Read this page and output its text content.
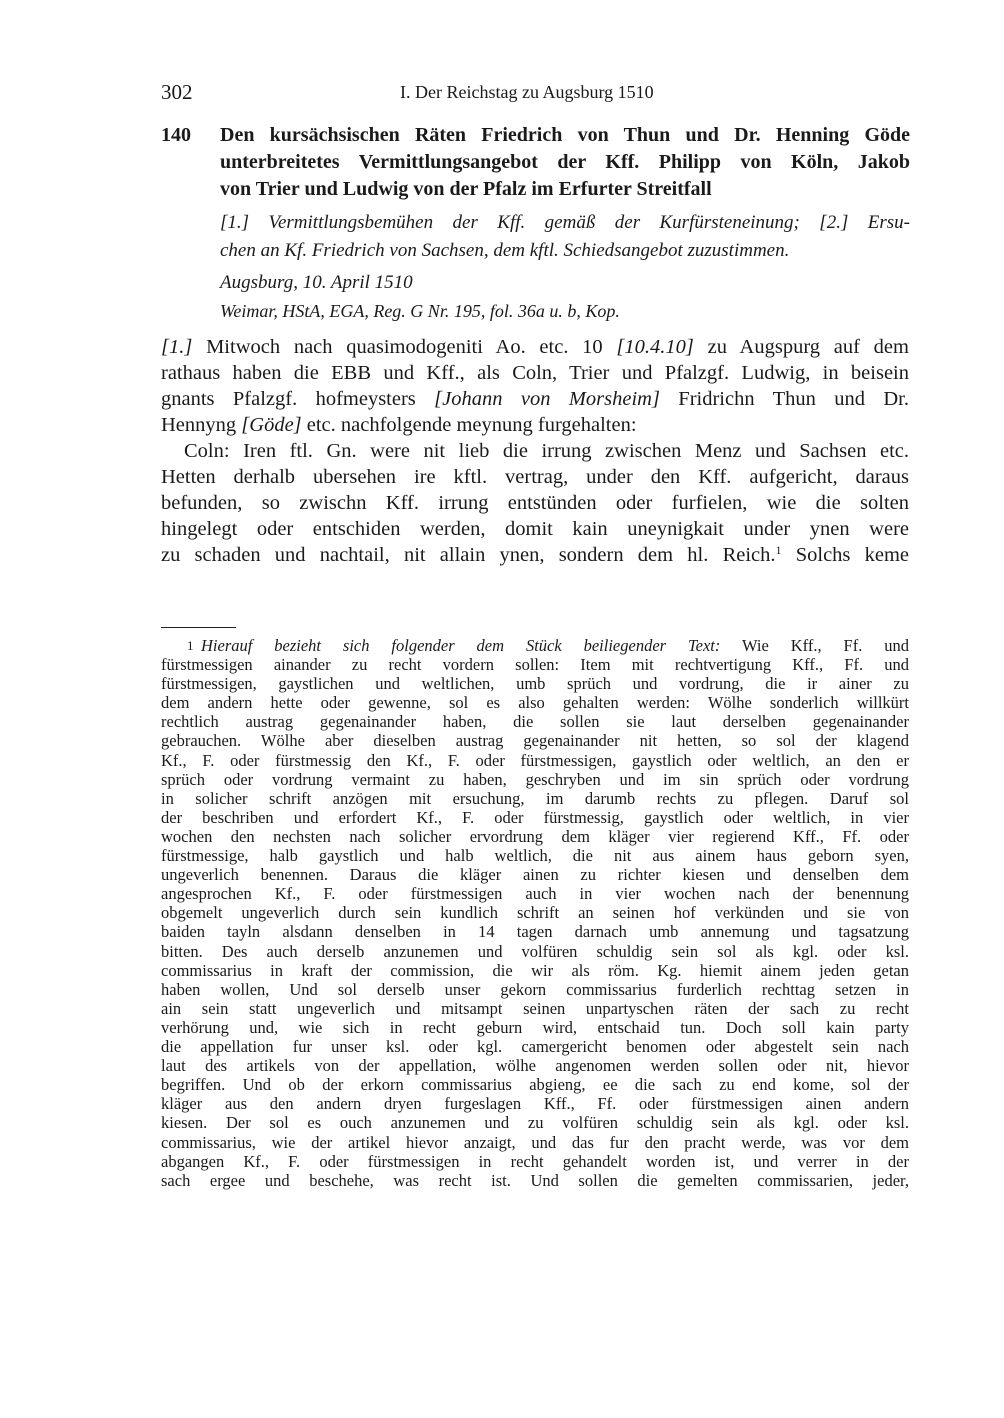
302	I. Der Reichstag zu Augsburg 1510
140 Den kursächsischen Räten Friedrich von Thun und Dr. Henning Göde
unterbreitetes Vermittlungsangebot der Kff. Philipp von Köln, Jakob
von Trier und Ludwig von der Pfalz im Erfurter Streitfall
[1.] Vermittlungsbemühen der Kff. gemäß der Kurfürsteneinung; [2.] Ersu-
chen an Kf. Friedrich von Sachsen, dem kftl. Schiedsangebot zuzustimmen.
Augsburg, 10. April 1510
Weimar, HStA, EGA, Reg. G Nr. 195, fol. 36a u. b, Kop.
[1.] Mitwoch nach quasimodogeniti Ao. etc. 10 [10.4.10] zu Augspurg auf dem
rathaus haben die EBB und Kff., als Coln, Trier und Pfalzgf. Ludwig, in beisein
gnants Pfalzgf. hofmeysters [Johann von Morsheim] Fridrichn Thun und Dr.
Hennyng [Göde] etc. nachfolgende meynung furgehalten:
Coln: Iren ftl. Gn. were nit lieb die irrung zwischen Menz und Sachsen etc.
Hetten derhalb ubersehen ire kftl. vertrag, under den Kff. aufgericht, daraus
befunden, so zwischn Kff. irrung entstünden oder furfielen, wie die solten
hingelegt oder entschiden werden, domit kain uneynigkait under ynen were
zu schaden und nachtail, nit allain ynen, sondern dem hl. Reich.$^1$ Solchs keme
1 Hierauf bezieht sich folgender dem Stück beiliegender Text: Wie Kff., Ff. und
fürstmessigen ainander zu recht vordern sollen: Item mit rechtvertigung Kff., Ff. und
fürstmessigen, gaystlichen und weltlichen, umb sprüch und vordrung, die ir ainer zu
dem andern hette oder gewenne, sol es also gehalten werden: Wölhe sonderlich willkürt
rechtlich austrag gegenainander haben, die sollen sie laut derselben gegenainander
gebrauchen. Wölhe aber dieselben austrag gegenainander nit hetten, so sol der klagend
Kf., F. oder fürstmessig den Kf., F. oder fürstmessigen, gaystlich oder weltlich, an den er
sprüch oder vordrung vermaint zu haben, geschryben und im sin sprüch oder vordrung
in solicher schrift anzögen mit ersuchung, im darumb rechts zu pflegen. Daruf sol
der beschriben und erfordert Kf., F. oder fürstmessig, gaystlich oder weltlich, in vier
wochen den nechsten nach solicher ervordrung dem kläger vier regierend Kff., Ff. oder
fürstmessige, halb gaystlich und halb weltlich, die nit aus ainem haus geborn syen,
ungeverlich benennen. Daraus die kläger ainen zu richter kiesen und denselben dem
angesprochen Kf., F. oder fürstmessigen auch in vier wochen nach der benennung
obgemelt ungeverlich durch sein kundlich schrift an seinen hof verkünden und sie von
baiden tayln alsdann denselben in 14 tagen darnach umb annemung und tagsatzung
bitten. Des auch derselb anzunemen und volfüren schuldig sein sol als kgl. oder ksl.
commissarius in kraft der commission, die wir als röm. Kg. hiemit ainem jeden getan
haben wollen, Und sol derselb unser gekorn commissarius furderlich rechttag setzen in
ain sein statt ungeverlich und mitsampt seinen unpartyschen räten der sach zu recht
verhörung und, wie sich in recht geburn wird, entschaid tun. Doch soll kain party
die appellation fur unser ksl. oder kgl. camergericht benomen oder abgestelt sein nach
laut des artikels von der appellation, wölhe angenomen werden sollen oder nit, hievor
begriffen. Und ob der erkorn commissarius abgieng, ee die sach zu end kome, sol der
kläger aus den andern dryen furgeslagen Kff., Ff. oder fürstmessigen ainen andern
kiesen. Der sol es ouch anzunemen und zu volfüren schuldig sein als kgl. oder ksl.
commissarius, wie der artikel hievor anzaigt, und das fur den pracht werde, was vor dem
abgangen Kf., F. oder fürstmessigen in recht gehandelt worden ist, und verrer in der
sach ergee und beschehe, was recht ist. Und sollen die gemelten commissarien, jeder,
